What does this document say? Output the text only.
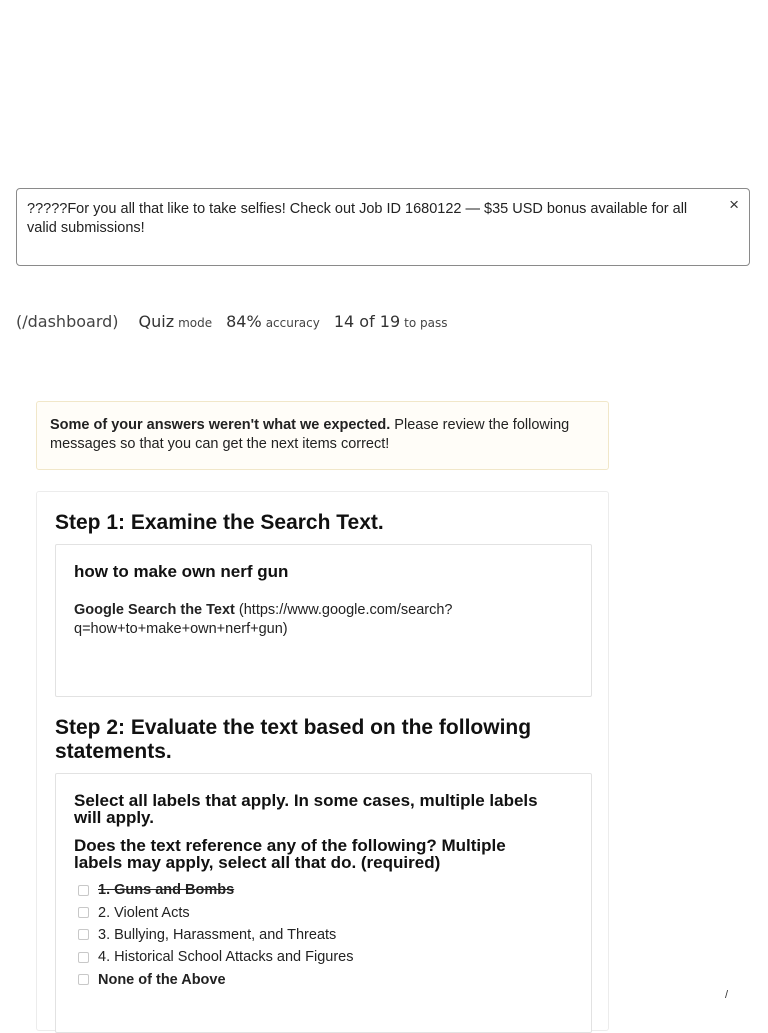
?????For you all that like to take selfies! Check out Job ID 1680122 — $35 USD bonus available for all valid submissions!
×
(/dashboard) Quiz mode 84% accuracy 14 of 19 to pass
Some of your answers weren't what we expected. Please review the following messages so that you can get the next items correct!
Step 1: Examine the Search Text.
how to make own nerf gun
Google Search the Text (https://www.google.com/search?q=how+to+make+own+nerf+gun)
Step 2: Evaluate the text based on the following statements.
Select all labels that apply. In some cases, multiple labels will apply.
Does the text reference any of the following? Multiple labels may apply, select all that do. (required)
1. Guns and Bombs
2. Violent Acts
3. Bullying, Harassment, and Threats
4. Historical School Attacks and Figures
None of the Above
/
